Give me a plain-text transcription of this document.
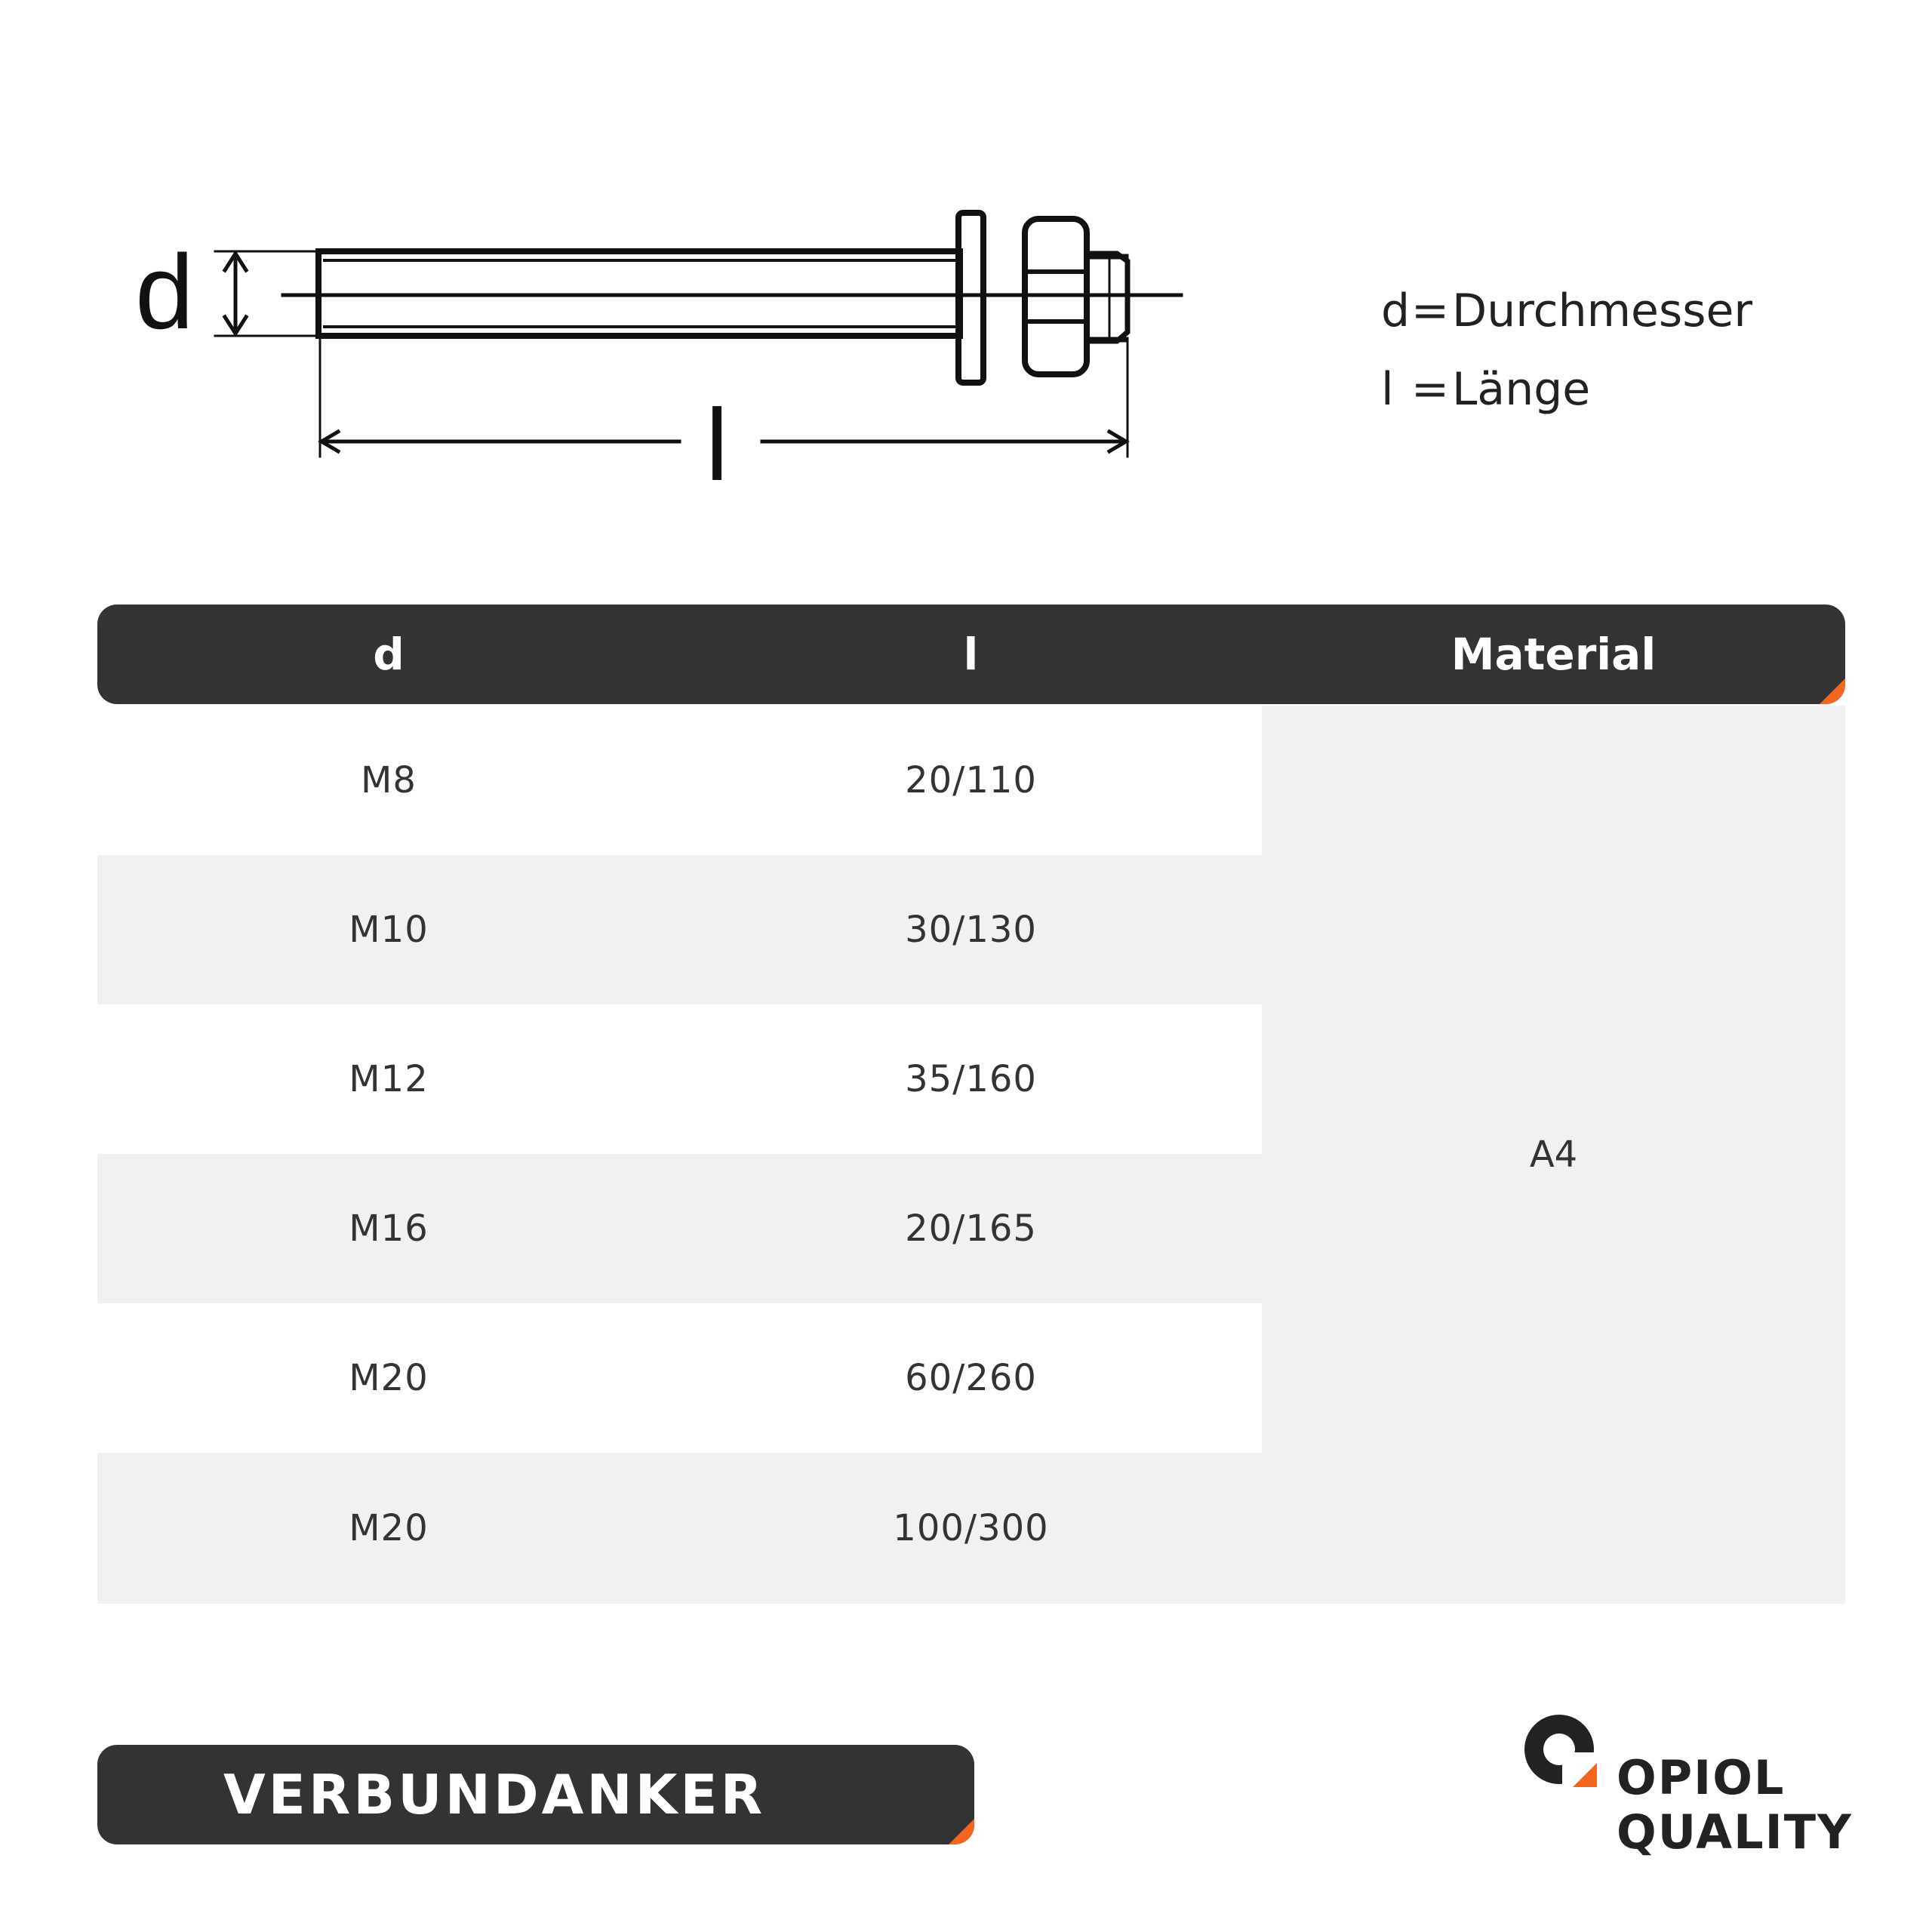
d
l
d = Durchmesser
l = Länge
d	l	Material
M8	20/110
M10	30/130
M12	35/160
M16	20/165
M20	60/260
M20	100/300
A4
VERBUNDANKER	OPIOL
QUALITY
